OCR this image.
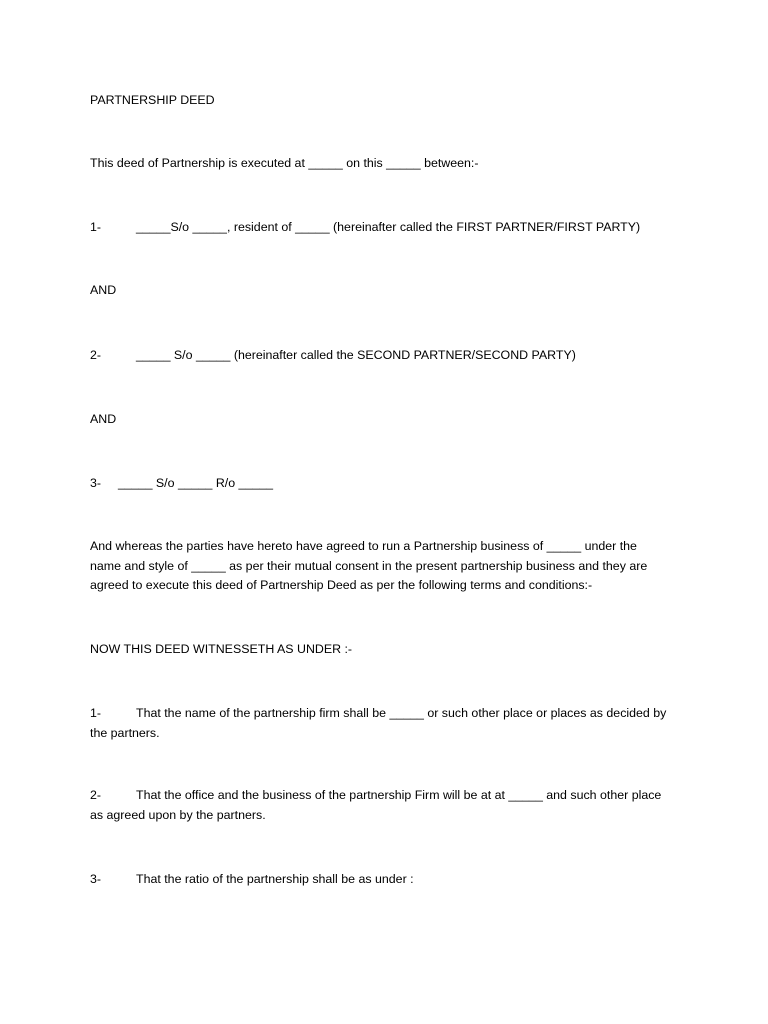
PARTNERSHIP DEED
This deed of Partnership is executed at _____ on this _____ between:-
1-	_____S/o _____, resident of _____ (hereinafter called the FIRST PARTNER/FIRST PARTY)
AND
2-	_____ S/o _____ (hereinafter called the SECOND PARTNER/SECOND PARTY)
AND
3- _____ S/o _____ R/o _____
And whereas the parties have hereto have agreed to run a Partnership business of _____ under the
name and style of _____ as per their mutual consent in the present partnership business and they are
agreed to execute this deed of Partnership Deed as per the following terms and conditions:-
NOW THIS DEED WITNESSETH AS UNDER :-
1-	That the name of the partnership firm shall be _____ or such other place or places as decided by
the partners.
2-	That the office and the business of the partnership Firm will be at at _____ and such other place
as agreed upon by the partners.
3-	That the ratio of the partnership shall be as under :
